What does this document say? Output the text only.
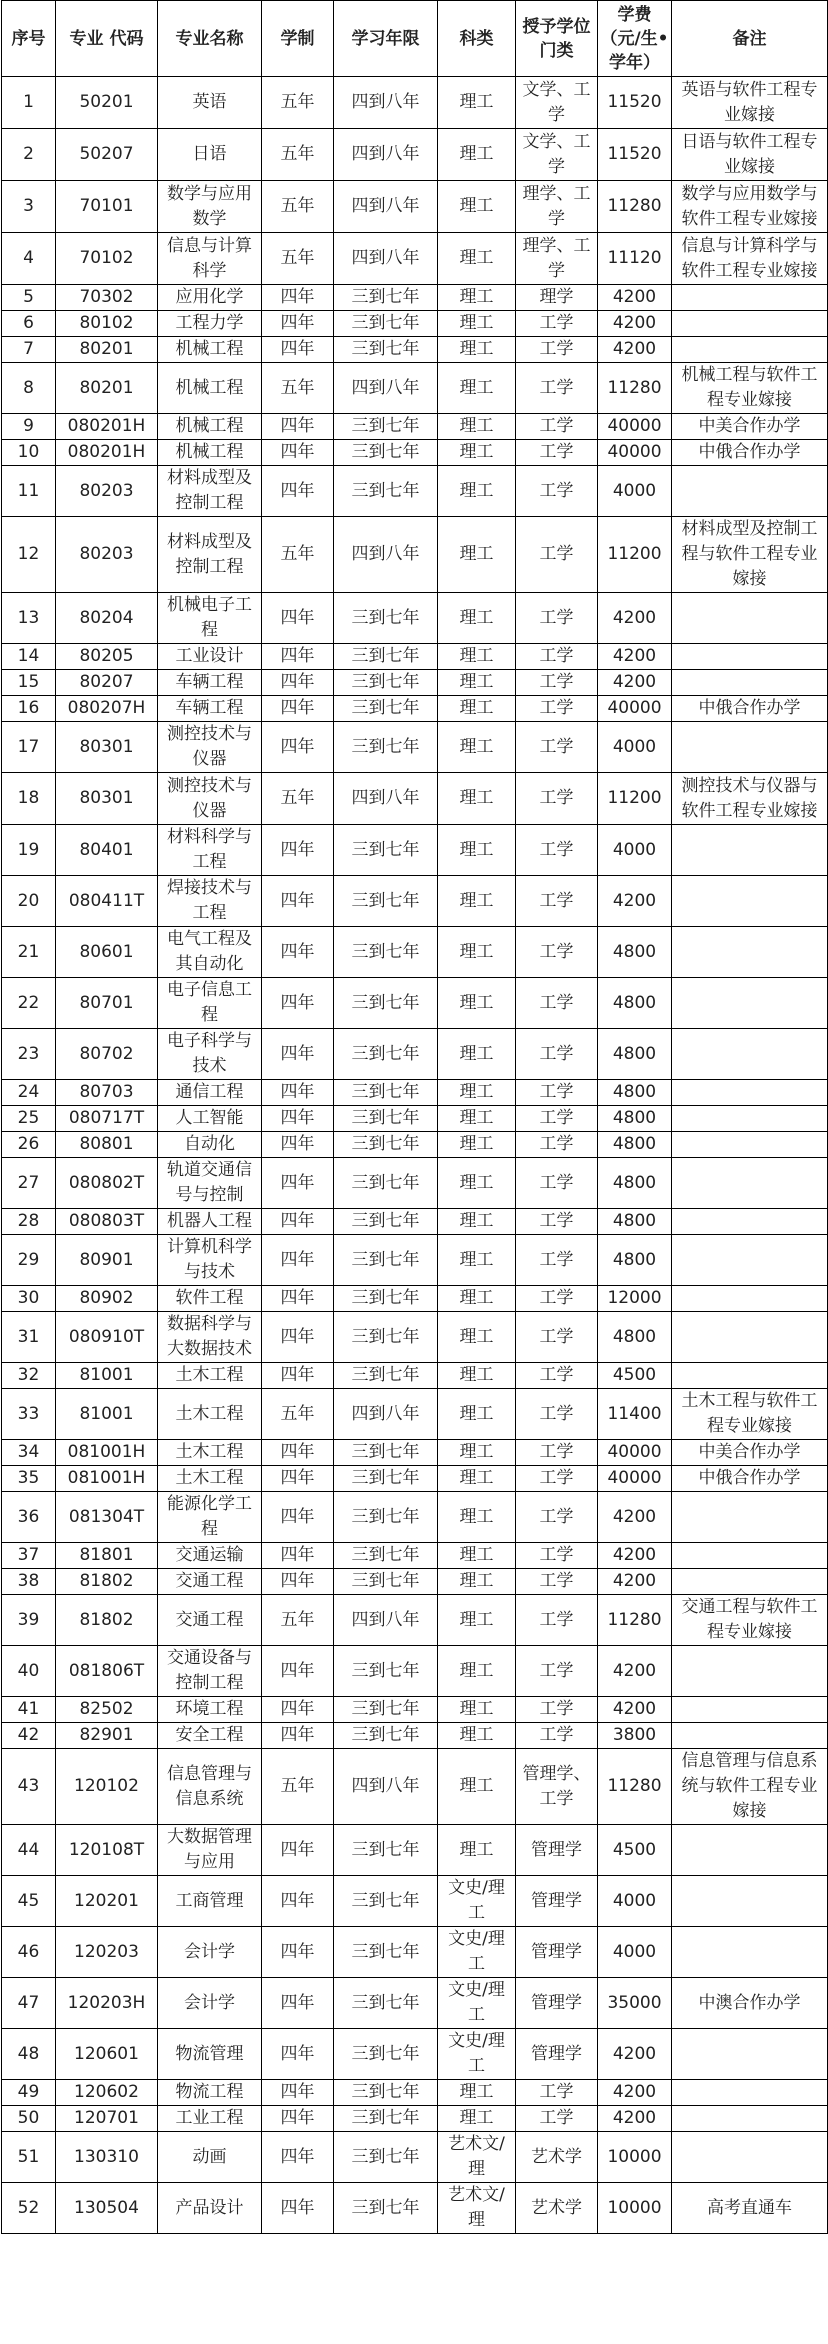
序号	专业 代码	专业名称	学制	学习年限	科类	授予学位门类	学费（元/生•学年）	备注
1	50201	英语	五年	四到八年	理工	文学、工学	11520	英语与软件工程专业嫁接
2	50207	日语	五年	四到八年	理工	文学、工学	11520	日语与软件工程专业嫁接
3	70101	数学与应用数学	五年	四到八年	理工	理学、工学	11280	数学与应用数学与软件工程专业嫁接
4	70102	信息与计算科学	五年	四到八年	理工	理学、工学	11120	信息与计算科学与软件工程专业嫁接
5	70302	应用化学	四年	三到七年	理工	理学	4200	
6	80102	工程力学	四年	三到七年	理工	工学	4200	
7	80201	机械工程	四年	三到七年	理工	工学	4200	
8	80201	机械工程	五年	四到八年	理工	工学	11280	机械工程与软件工程专业嫁接
9	080201H	机械工程	四年	三到七年	理工	工学	40000	中美合作办学
10	080201H	机械工程	四年	三到七年	理工	工学	40000	中俄合作办学
11	80203	材料成型及控制工程	四年	三到七年	理工	工学	4000	
12	80203	材料成型及控制工程	五年	四到八年	理工	工学	11200	材料成型及控制工程与软件工程专业嫁接
13	80204	机械电子工程	四年	三到七年	理工	工学	4200	
14	80205	工业设计	四年	三到七年	理工	工学	4200	
15	80207	车辆工程	四年	三到七年	理工	工学	4200	
16	080207H	车辆工程	四年	三到七年	理工	工学	40000	中俄合作办学
17	80301	测控技术与仪器	四年	三到七年	理工	工学	4000	
18	80301	测控技术与仪器	五年	四到八年	理工	工学	11200	测控技术与仪器与软件工程专业嫁接
19	80401	材料科学与工程	四年	三到七年	理工	工学	4000	
20	080411T	焊接技术与工程	四年	三到七年	理工	工学	4200	
21	80601	电气工程及其自动化	四年	三到七年	理工	工学	4800	
22	80701	电子信息工程	四年	三到七年	理工	工学	4800	
23	80702	电子科学与技术	四年	三到七年	理工	工学	4800	
24	80703	通信工程	四年	三到七年	理工	工学	4800	
25	080717T	人工智能	四年	三到七年	理工	工学	4800	
26	80801	自动化	四年	三到七年	理工	工学	4800	
27	080802T	轨道交通信号与控制	四年	三到七年	理工	工学	4800	
28	080803T	机器人工程	四年	三到七年	理工	工学	4800	
29	80901	计算机科学与技术	四年	三到七年	理工	工学	4800	
30	80902	软件工程	四年	三到七年	理工	工学	12000	
31	080910T	数据科学与大数据技术	四年	三到七年	理工	工学	4800	
32	81001	土木工程	四年	三到七年	理工	工学	4500	
33	81001	土木工程	五年	四到八年	理工	工学	11400	土木工程与软件工程专业嫁接
34	081001H	土木工程	四年	三到七年	理工	工学	40000	中美合作办学
35	081001H	土木工程	四年	三到七年	理工	工学	40000	中俄合作办学
36	081304T	能源化学工程	四年	三到七年	理工	工学	4200	
37	81801	交通运输	四年	三到七年	理工	工学	4200	
38	81802	交通工程	四年	三到七年	理工	工学	4200	
39	81802	交通工程	五年	四到八年	理工	工学	11280	交通工程与软件工程专业嫁接
40	081806T	交通设备与控制工程	四年	三到七年	理工	工学	4200	
41	82502	环境工程	四年	三到七年	理工	工学	4200	
42	82901	安全工程	四年	三到七年	理工	工学	3800	
43	120102	信息管理与信息系统	五年	四到八年	理工	管理学、工学	11280	信息管理与信息系统与软件工程专业嫁接
44	120108T	大数据管理与应用	四年	三到七年	理工	管理学	4500	
45	120201	工商管理	四年	三到七年	文史/理工	管理学	4000	
46	120203	会计学	四年	三到七年	文史/理工	管理学	4000	
47	120203H	会计学	四年	三到七年	文史/理工	管理学	35000	中澳合作办学
48	120601	物流管理	四年	三到七年	文史/理工	管理学	4200	
49	120602	物流工程	四年	三到七年	理工	工学	4200	
50	120701	工业工程	四年	三到七年	理工	工学	4200	
51	130310	动画	四年	三到七年	艺术文/理	艺术学	10000	
52	130504	产品设计	四年	三到七年	艺术文/理	艺术学	10000	高考直通车
